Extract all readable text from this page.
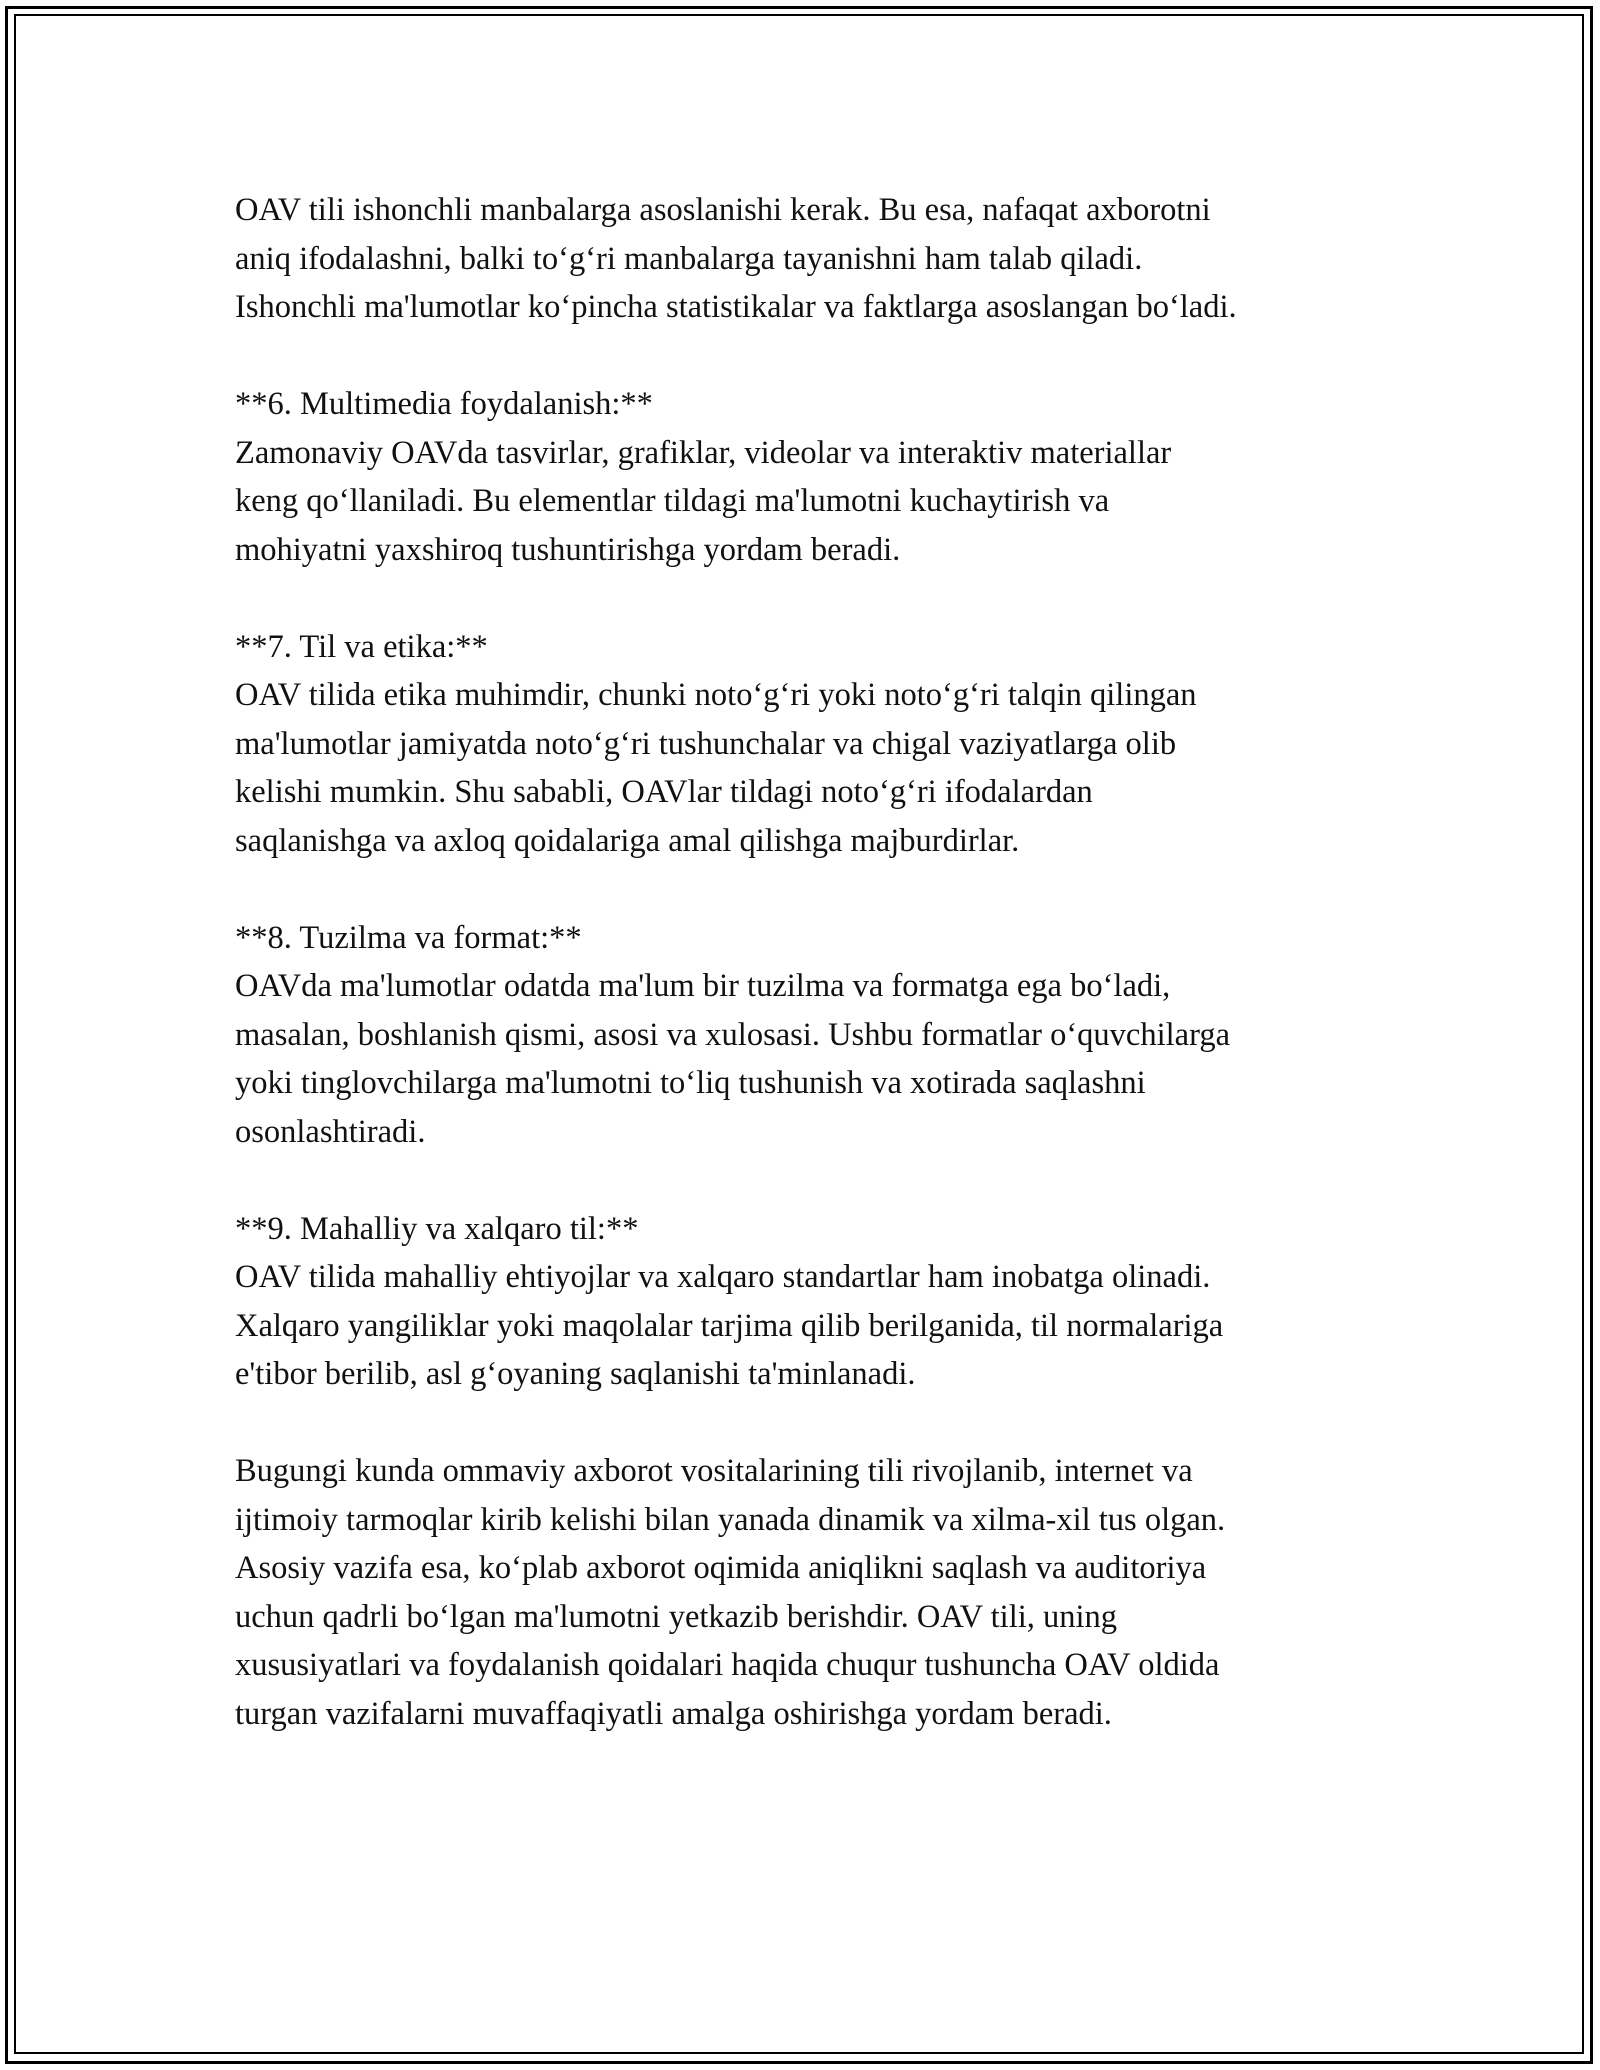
OAV tili ishonchli manbalarga asoslanishi kerak. Bu esa, nafaqat axborotni
aniq ifodalashni, balki to‘g‘ri manbalarga tayanishni ham talab qiladi.
Ishonchli ma'lumotlar ko‘pincha statistikalar va faktlarga asoslangan bo‘ladi.

**6. Multimedia foydalanish:**
Zamonaviy OAVda tasvirlar, grafiklar, videolar va interaktiv materiallar
keng qo‘llaniladi. Bu elementlar tildagi ma'lumotni kuchaytirish va
mohiyatni yaxshiroq tushuntirishga yordam beradi.

**7. Til va etika:**
OAV tilida etika muhimdir, chunki noto‘g‘ri yoki noto‘g‘ri talqin qilingan
ma'lumotlar jamiyatda noto‘g‘ri tushunchalar va chigal vaziyatlarga olib
kelishi mumkin. Shu sababli, OAVlar tildagi noto‘g‘ri ifodalardan
saqlanishga va axloq qoidalariga amal qilishga majburdirlar.

**8. Tuzilma va format:**
OAVda ma'lumotlar odatda ma'lum bir tuzilma va formatga ega bo‘ladi,
masalan, boshlanish qismi, asosi va xulosasi. Ushbu formatlar o‘quvchilarga
yoki tinglovchilarga ma'lumotni to‘liq tushunish va xotirada saqlashni
osonlashtiradi.

**9. Mahalliy va xalqaro til:**
OAV tilida mahalliy ehtiyojlar va xalqaro standartlar ham inobatga olinadi.
Xalqaro yangiliklar yoki maqolalar tarjima qilib berilganida, til normalariga
e'tibor berilib, asl g‘oyaning saqlanishi ta'minlanadi.

Bugungi kunda ommaviy axborot vositalarining tili rivojlanib, internet va
ijtimoiy tarmoqlar kirib kelishi bilan yanada dinamik va xilma-xil tus olgan.
Asosiy vazifa esa, ko‘plab axborot oqimida aniqlikni saqlash va auditoriya
uchun qadrli bo‘lgan ma'lumotni yetkazib berishdir. OAV tili, uning
xususiyatlari va foydalanish qoidalari haqida chuqur tushuncha OAV oldida
turgan vazifalarni muvaffaqiyatli amalga oshirishga yordam beradi.
